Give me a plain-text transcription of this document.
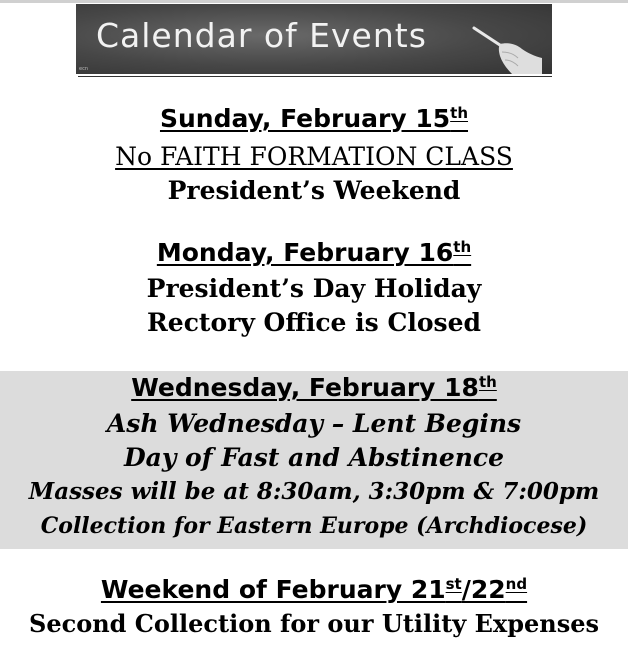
Calendar of Events
ecn
Sunday, February 15th
No FAITH FORMATION CLASS
President’s Weekend
Monday, February 16th
President’s Day Holiday
Rectory Office is Closed
Wednesday, February 18th
Ash Wednesday – Lent Begins
Day of Fast and Abstinence
Masses will be at 8:30am, 3:30pm & 7:00pm
Collection for Eastern Europe (Archdiocese)
Weekend of February 21st/22nd
Second Collection for our Utility Expenses
